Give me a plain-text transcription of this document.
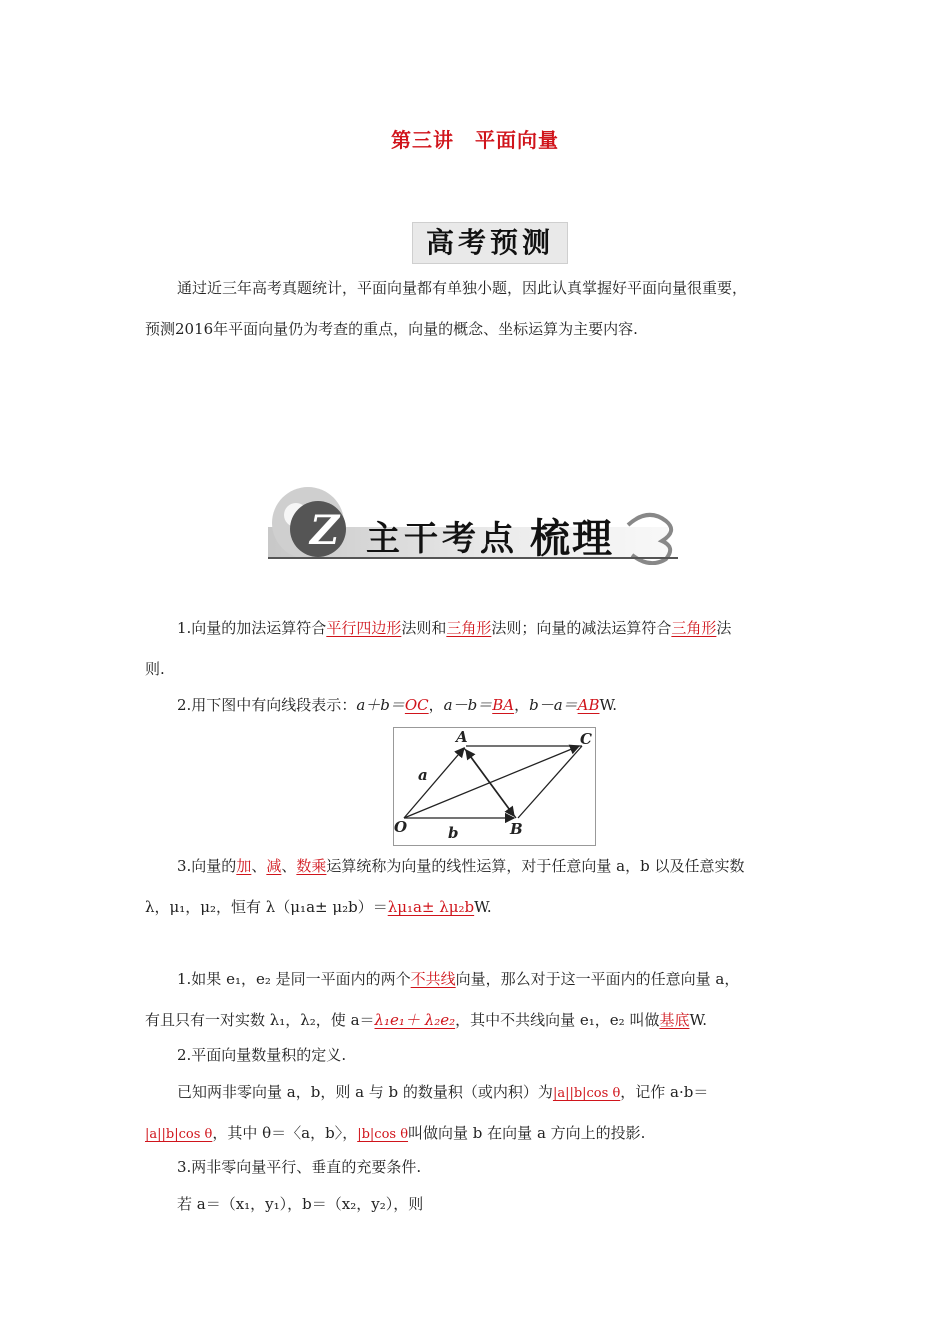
第三讲　平面向量
高考预测
通过近三年高考真题统计，平面向量都有单独小题，因此认真掌握好平面向量很重要，
预测2016年平面向量仍为考查的重点，向量的概念、坐标运算为主要内容.
Z 主干考点 梳理
1.向量的加法运算符合平行四边形法则和三角形法则；向量的减法运算符合三角形法
则.
2.用下图中有向线段表示：a＋b＝OC，a－b＝BA，b－a＝ABW.
A	C
O	B
a
b
3.向量的加、减、数乘运算统称为向量的线性运算，对于任意向量 a，b 以及任意实数
λ，μ₁，μ₂，恒有 λ（μ₁a± μ₂b）＝λμ₁a± λμ₂bW.
1.如果 e₁，e₂ 是同一平面内的两个不共线向量，那么对于这一平面内的任意向量 a，
有且只有一对实数 λ₁，λ₂，使 a＝λ₁e₁＋ λ₂e₂，其中不共线向量 e₁，e₂ 叫做基底W.
2.平面向量数量积的定义.
已知两非零向量 a，b，则 a 与 b 的数量积（或内积）为|a||b|cos θ，记作 a·b＝
|a||b|cos θ，其中 θ＝〈a，b〉，|b|cos θ叫做向量 b 在向量 a 方向上的投影.
3.两非零向量平行、垂直的充要条件.
若 a＝（x₁，y₁），b＝（x₂，y₂），则
